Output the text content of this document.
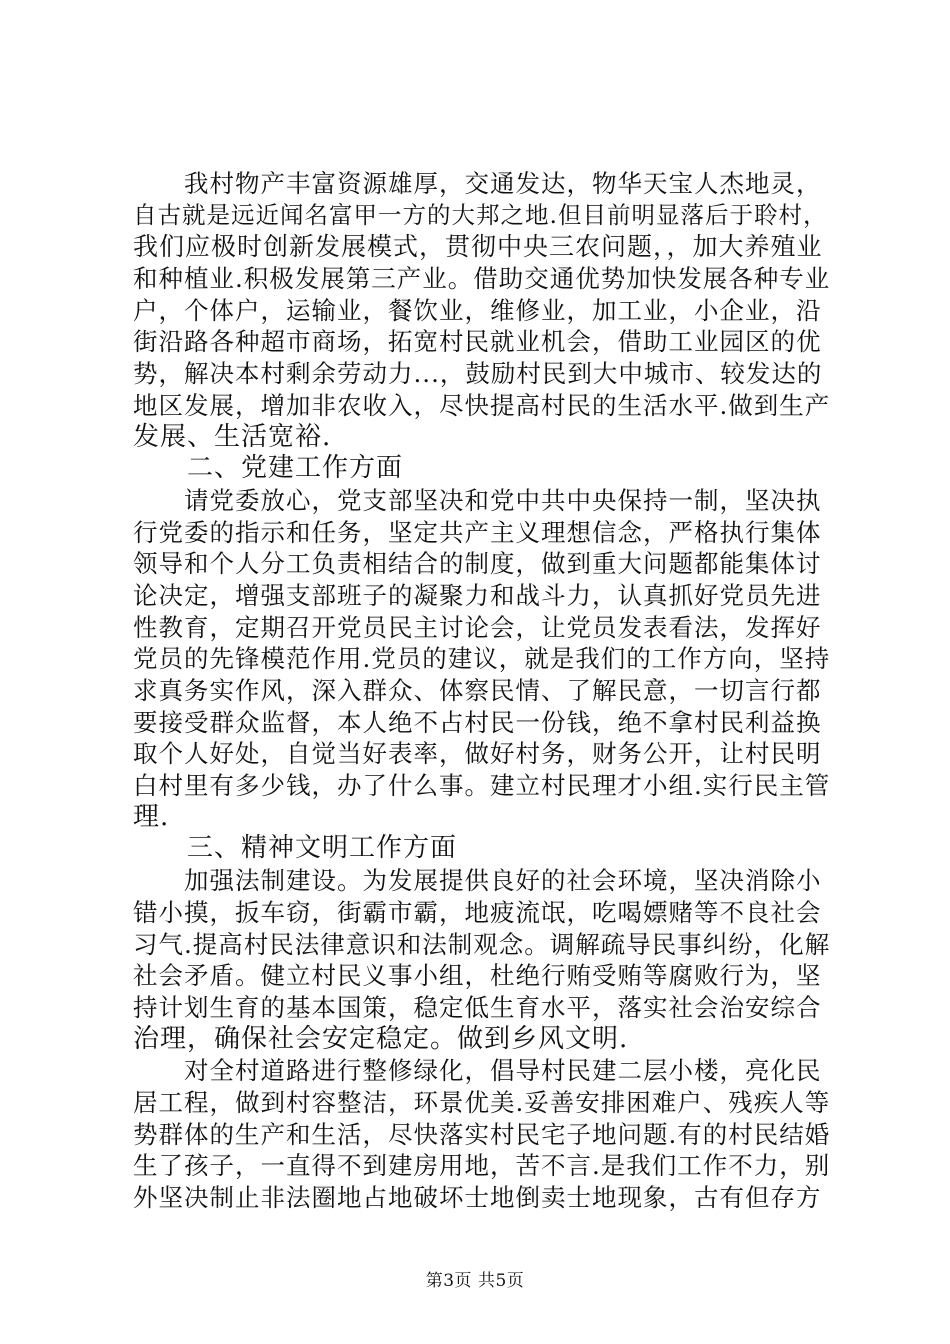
　　我村物产丰富资源雄厚，交通发达，物华天宝人杰地灵，
自古就是远近闻名富甲一方的大邦之地.但目前明显落后于聆村，
我们应极时创新发展模式，贯彻中央三农问题，，加大养殖业
和种植业.积极发展第三产业。借助交通优势加快发展各种专业
户，个体户，运输业，餐饮业，维修业，加工业，小企业，沿
街沿路各种超市商场，拓宽村民就业机会，借助工业园区的优
势，解决本村剩余劳动力...，鼓励村民到大中城市、较发达的
地区发展，增加非农收入，尽快提高村民的生活水平.做到生产
发展、生活宽裕.
　　二、党建工作方面
　　请党委放心，党支部坚决和党中共中央保持一制，坚决执
行党委的指示和任务，坚定共产主义理想信念，严格执行集体
领导和个人分工负责相结合的制度，做到重大问题都能集体讨
论决定，增强支部班子的凝聚力和战斗力，认真抓好党员先进
性教育，定期召开党员民主讨论会，让党员发表看法，发挥好
党员的先锋模范作用.党员的建议，就是我们的工作方向，坚持
求真务实作风，深入群众、体察民情、了解民意，一切言行都
要接受群众监督，本人绝不占村民一份钱，绝不拿村民利益换
取个人好处，自觉当好表率，做好村务，财务公开，让村民明
白村里有多少钱，办了什么事。建立村民理才小组.实行民主管
理.
　　三、精神文明工作方面
　　加强法制建设。为发展提供良好的社会环境，坚决消除小
错小摸，扳车窃，街霸市霸，地疲流氓，吃喝嫖赌等不良社会
习气.提高村民法律意识和法制观念。调解疏导民事纠纷，化解
社会矛盾。健立村民义事小组，杜绝行贿受贿等腐败行为，坚
持计划生育的基本国策，稳定低生育水平，落实社会治安综合
治理，确保社会安定稳定。做到乡风文明.
　　对全村道路进行整修绿化，倡导村民建二层小楼，亮化民
居工程，做到村容整洁，环景优美.妥善安排困难户、残疾人等
势群体的生产和生活，尽快落实村民宅子地问题.有的村民结婚
生了孩子，一直得不到建房用地，苦不言.是我们工作不力，别
外坚决制止非法圈地占地破坏士地倒卖士地现象，古有但存方
第3页 共5页
